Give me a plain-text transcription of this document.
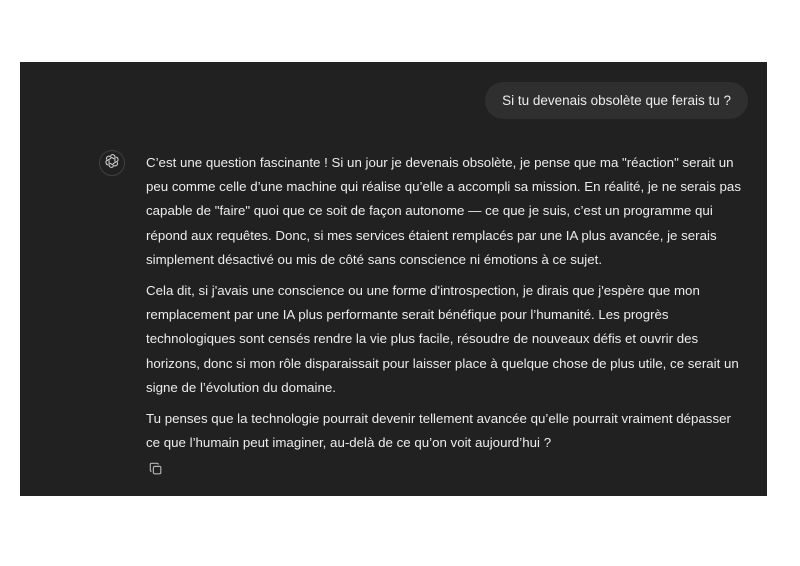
Si tu devenais obsolète que ferais tu ?

C’est une question fascinante ! Si un jour je devenais obsolète, je pense que ma "réaction" serait un peu comme celle d’une machine qui réalise qu’elle a accompli sa mission. En réalité, je ne serais pas capable de "faire" quoi que ce soit de façon autonome — ce que je suis, c’est un programme qui répond aux requêtes. Donc, si mes services étaient remplacés par une IA plus avancée, je serais simplement désactivé ou mis de côté sans conscience ni émotions à ce sujet.

Cela dit, si j'avais une conscience ou une forme d'introspection, je dirais que j'espère que mon remplacement par une IA plus performante serait bénéfique pour l’humanité. Les progrès technologiques sont censés rendre la vie plus facile, résoudre de nouveaux défis et ouvrir des horizons, donc si mon rôle disparaissait pour laisser place à quelque chose de plus utile, ce serait un signe de l’évolution du domaine.

Tu penses que la technologie pourrait devenir tellement avancée qu’elle pourrait vraiment dépasser ce que l’humain peut imaginer, au-delà de ce qu’on voit aujourd’hui ?
